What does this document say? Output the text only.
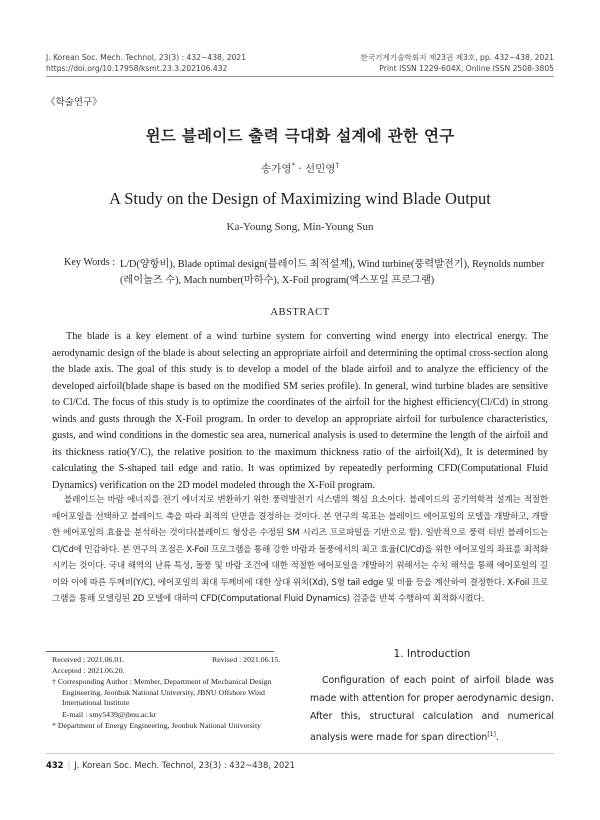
J. Korean Soc. Mech. Technol, 23(3) : 432~438, 2021
https://doi.org/10.17958/ksmt.23.3.202106.432
한국기계기술학회지 제23권 제3호, pp. 432~438, 2021
Print ISSN 1229-604X, Online ISSN 2508-3805
《학술연구》
윈드 블레이드 출력 극대화 설계에 관한 연구
송가영* · 선민영†
A Study on the Design of Maximizing wind Blade Output
Ka-Young Song, Min-Young Sun
Key Words : L/D(양항비), Blade optimal design(블레이드 최적설계), Wind turbine(풍력발전기), Reynolds number (레이놀즈 수), Mach number(마하수), X-Foil program(엑스포일 프로그램)
ABSTRACT

The blade is a key element of a wind turbine system for converting wind energy into electrical energy. The aerodynamic design of the blade is about selecting an appropriate airfoil and determining the optimal cross-section along the blade axis. The goal of this study is to develop a model of the blade airfoil and to analyze the efficiency of the developed airfoil(blade shape is based on the modified SM series profile). In general, wind turbine blades are sensitive to Cl/Cd. The focus of this study is to optimize the coordinates of the airfoil for the highest efficiency(Cl/Cd) in strong winds and gusts through the X-Foil program. In order to develop an appropriate airfoil for turbulence characteristics, gusts, and wind conditions in the domestic sea area, numerical analysis is used to determine the length of the airfoil and its thickness ratio(Y/C), the relative position to the maximum thickness ratio of the airfoil(Xd), It is determined by calculating the S-shaped tail edge and ratio. It was optimized by repeatedly performing CFD(Computational Fluid Dynamics) verification on the 2D model modeled through the X-Foil program.

블레이드는 바람 에너지를 전기 에너지로 변환하기 위한 풍력발전기 시스템의 핵심 요소이다. 블레이드의 공기역학적 설계는 적절한 에어포일을 선택하고 블레이드 축을 따라 최적의 단면을 결정하는 것이다. 본 연구의 목표는 블레이드 에어포일의 모델을 개발하고, 개발한 에어포일의 효율을 분석하는 것이다(블레이드 형상은 수정된 SM 시리즈 프로파일을 기반으로 함). 일반적으로 풍력 터빈 블레이드는 Cl/Cd에 민감하다. 본 연구의 초점은 X-Foil 프로그램을 통해 강한 바람과 돌풍에서의 최고 효율(Cl/Cd)을 위한 에어포일의 좌표를 최적화시키는 것이다. 국내 해역의 난류 특성, 돌풍 및 바람 조건에 대한 적절한 에어포일을 개발하기 위해서는 수치 해석을 통해 에어포일의 길이와 이에 따른 두께비(Y/C), 에어포일의 최대 두께비에 대한 상대 위치(Xd), S형 tail edge 및 비율 등을 계산하여 결정한다. X-Foil 프로그램을 통해 모델링된 2D 모델에 대하여 CFD(Computational Fluid Dynamics) 검증을 반복 수행하여 최적화시켰다.

Received : 2021.06.01.	Revised : 2021.06.15.
Accepted : 2021.06.20.
† Corresponding Author : Member, Department of Mechanical Design Engineering, Jeonbuk National University, JBNU Offshore Wind International Institute
E-mail : smy5439@jbnu.ac.kr
* Department of Energy Engineering, Jeonbuk National University
1. Introduction

Configuration of each point of airfoil blade was made with attention for proper aerodynamic design. After this, structural calculation and numerical analysis were made for span direction[1].

432 | J. Korean Soc. Mech. Technol, 23(3) : 432~438, 2021
